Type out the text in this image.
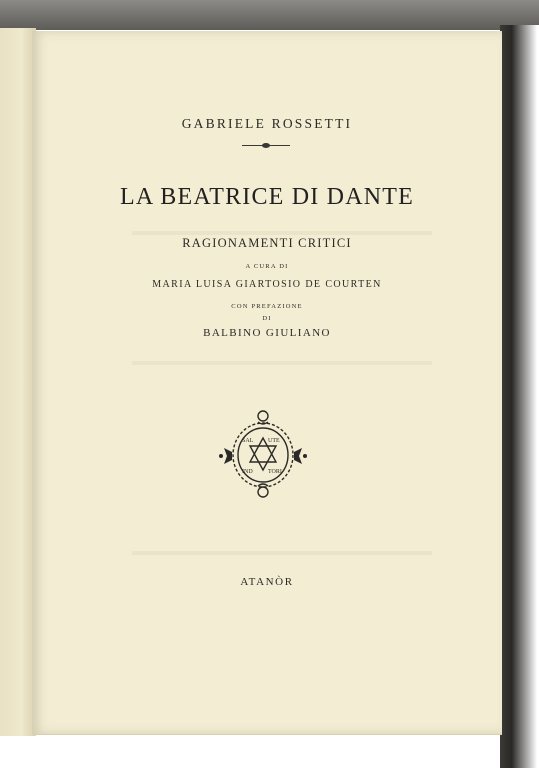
GABRIELE ROSSETTI
LA BEATRICE DI DANTE
RAGIONAMENTI CRITICI
A CURA DI
MARIA LUISA GIARTOSIO DE COURTEN
CON PREFAZIONE
DI
BALBINO GIULIANO
SAL UTE
IND	TORI
ATANÒR
